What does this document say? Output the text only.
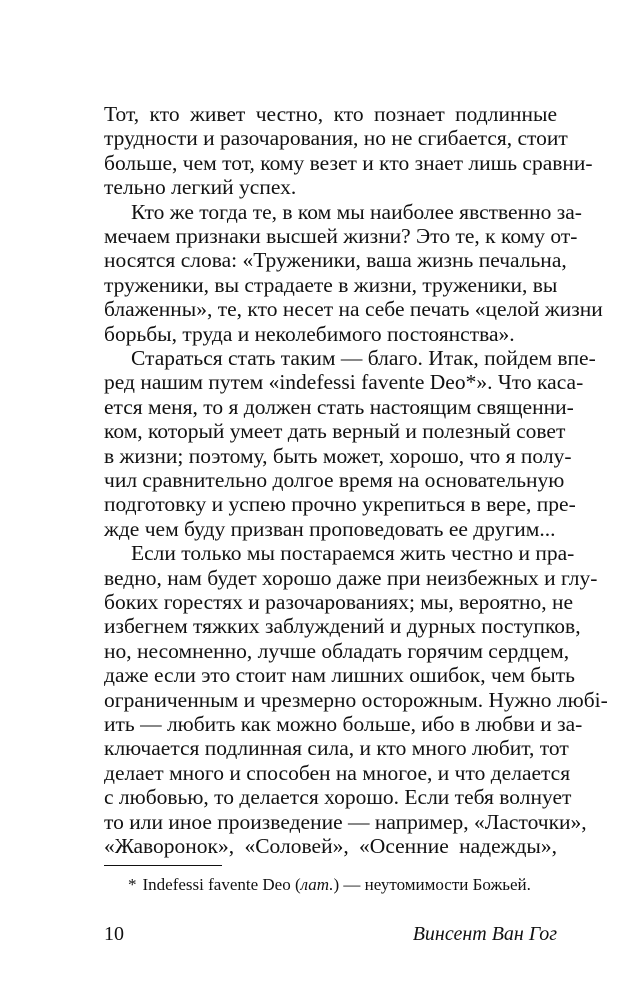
Тот, кто живет честно, кто познает подлинные
трудности и разочарования, но не сгибается, стоит
больше, чем тот, кому везет и кто знает лишь сравни-
тельно легкий успех.
Кто же тогда те, в ком мы наиболее явственно за-
мечаем признаки высшей жизни? Это те, к кому от-
носятся слова: «Труженики, ваша жизнь печальна,
труженики, вы страдаете в жизни, труженики, вы
блаженны», те, кто несет на себе печать «целой жизни
борьбы, труда и неколебимого постоянства».
Стараться стать таким — благо. Итак, пойдем впе-
ред нашим путем «indefessi favente Deo*». Что каса-
ется меня, то я должен стать настоящим священни-
ком, который умеет дать верный и полезный совет
в жизни; поэтому, быть может, хорошо, что я полу-
чил сравнительно долгое время на основательную
подготовку и успею прочно укрепиться в вере, пре-
жде чем буду призван проповедовать ее другим...
Если только мы постараемся жить честно и пра-
ведно, нам будет хорошо даже при неизбежных и глу-
боких горестях и разочарованиях; мы, вероятно, не
избегнем тяжких заблуждений и дурных поступков,
но, несомненно, лучше обладать горячим сердцем,
даже если это стоит нам лишних ошибок, чем быть
ограниченным и чрезмерно осторожным. Нужно любі-
ить — любить как можно больше, ибо в любви и за-
ключается подлинная сила, и кто много любит, тот
делает много и способен на многое, и что делается
с любовью, то делается хорошо. Если тебя волнует
то или иное произведение — например, «Ласточки»,
«Жаворонок», «Соловей», «Осенние надежды»,
* Indefessi favente Deo (лат.) — неутомимости Божьей.
10	Винсент Ван Гог
